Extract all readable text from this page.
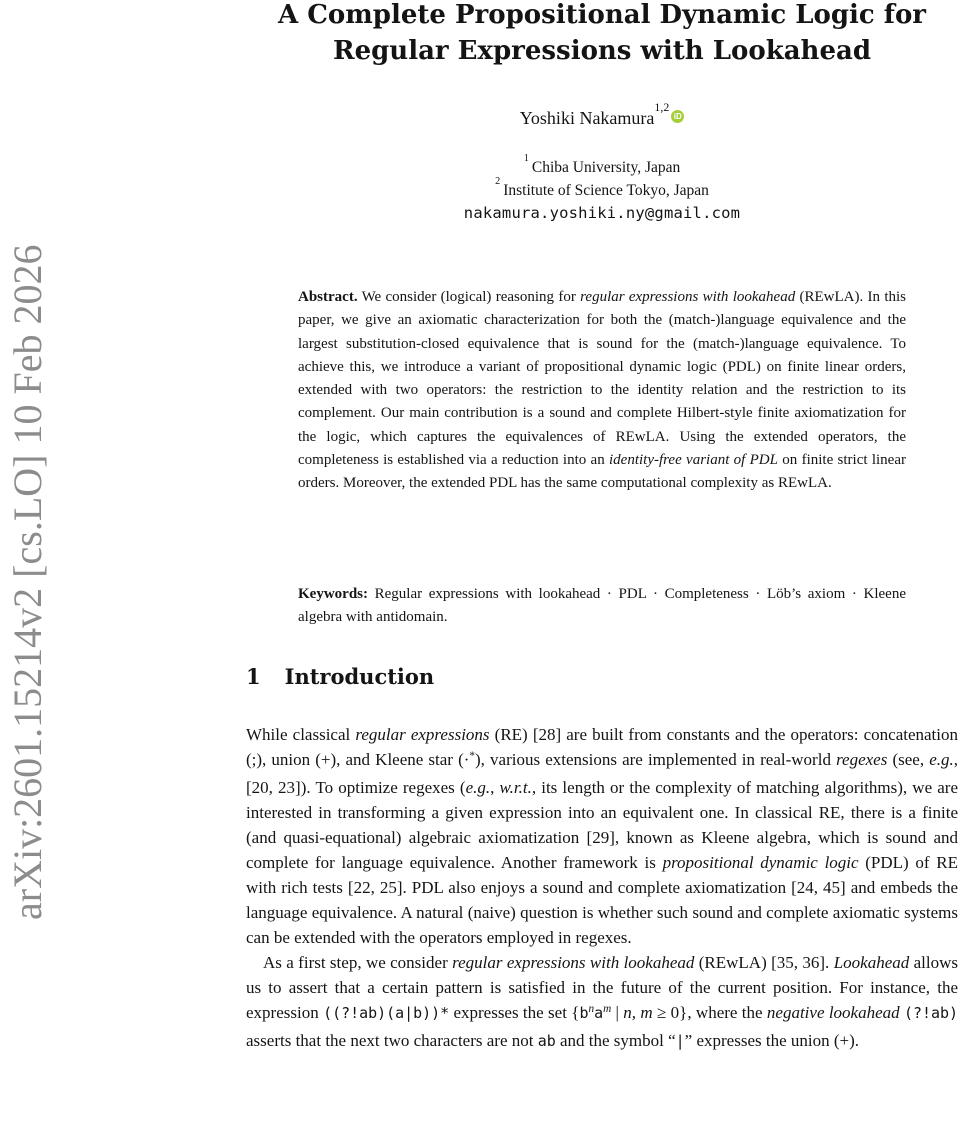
arXiv:2601.15214v2 [cs.LO] 10 Feb 2026
A Complete Propositional Dynamic Logic for
Regular Expressions with Lookahead
Yoshiki Nakamura$^{1,2}$iD
$^1$Chiba University, Japan
$^2$Institute of Science Tokyo, Japan
nakamura.yoshiki.ny@gmail.com
Abstract. We consider (logical) reasoning for regular expressions with lookahead (REwLA). In this paper, we give an axiomatic characterization for both the (match-)language equivalence and the largest substitution-closed equivalence that is sound for the (match-)language equivalence. To achieve this, we introduce a variant of propositional dynamic logic (PDL) on finite linear orders, extended with two operators: the restriction to the identity relation and the restriction to its complement. Our main contribution is a sound and complete Hilbert-style finite axiomatization for the logic, which captures the equivalences of REwLA. Using the extended operators, the completeness is established via a reduction into an identity-free variant of PDL on finite strict linear orders. Moreover, the extended PDL has the same computational complexity as REwLA.
Keywords: Regular expressions with lookahead · PDL · Completeness · Löb’s axiom · Kleene algebra with antidomain.
1 Introduction

While classical regular expressions (RE) [28] are built from constants and the operators: concatenation (;), union (+), and Kleene star (·*), various extensions are implemented in real-world regexes (see, e.g., [20, 23]). To optimize regexes (e.g., w.r.t., its length or the complexity of matching algorithms), we are interested in transforming a given expression into an equivalent one. In classical RE, there is a finite (and quasi-equational) algebraic axiomatization [29], known as Kleene algebra, which is sound and complete for language equivalence. Another framework is propositional dynamic logic (PDL) of RE with rich tests [22, 25]. PDL also enjoys a sound and complete axiomatization [24, 45] and embeds the language equivalence. A natural (naive) question is whether such sound and complete axiomatic systems can be extended with the operators employed in regexes.

As a first step, we consider regular expressions with lookahead (REwLA) [35, 36]. Lookahead allows us to assert that a certain pattern is satisfied in the future of the current position. For instance, the expression ((?!ab)(a|b))* expresses the set {$b^na^m$ | n, m ≥ 0}, where the negative lookahead (?!ab) asserts that the next two characters are not ab and the symbol “|” expresses the union (+).
